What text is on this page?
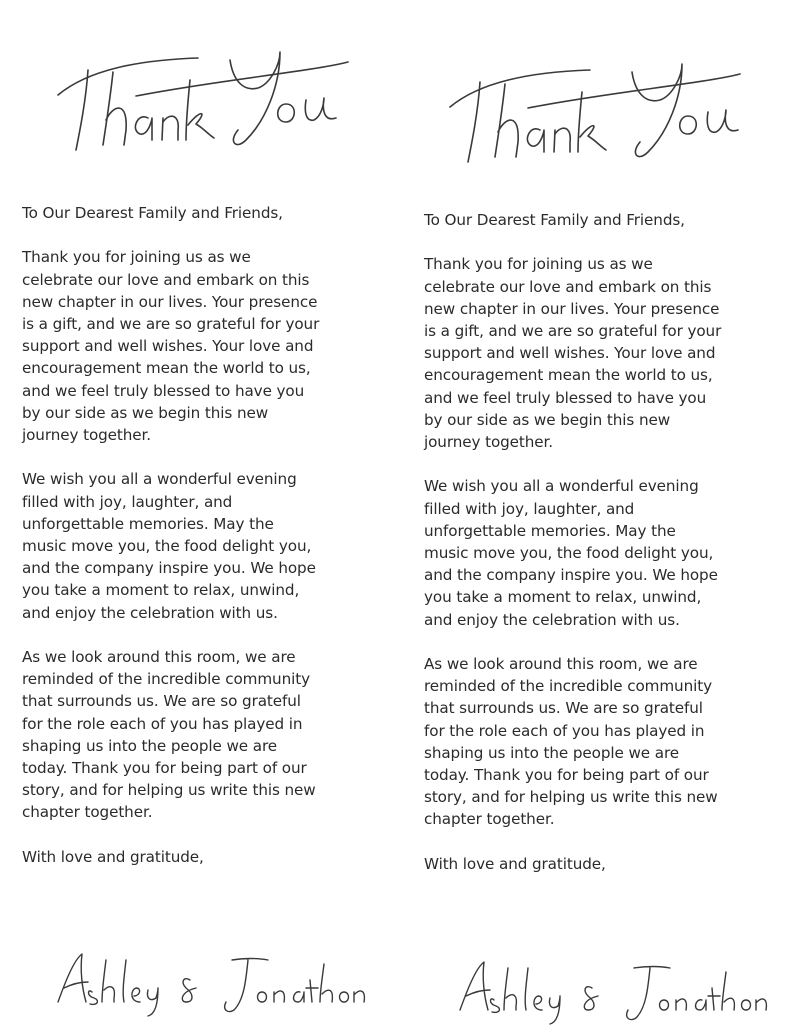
To Our Dearest Family and Friends,

Thank you for joining us as we
celebrate our love and embark on this
new chapter in our lives. Your presence
is a gift, and we are so grateful for your
support and well wishes. Your love and
encouragement mean the world to us,
and we feel truly blessed to have you
by our side as we begin this new
journey together.

We wish you all a wonderful evening
filled with joy, laughter, and
unforgettable memories. May the
music move you, the food delight you,
and the company inspire you. We hope
you take a moment to relax, unwind,
and enjoy the celebration with us.

As we look around this room, we are
reminded of the incredible community
that surrounds us. We are so grateful
for the role each of you has played in
shaping us into the people we are
today. Thank you for being part of our
story, and for helping us write this new
chapter together.

With love and gratitude,

To Our Dearest Family and Friends,

Thank you for joining us as we
celebrate our love and embark on this
new chapter in our lives. Your presence
is a gift, and we are so grateful for your
support and well wishes. Your love and
encouragement mean the world to us,
and we feel truly blessed to have you
by our side as we begin this new
journey together.

We wish you all a wonderful evening
filled with joy, laughter, and
unforgettable memories. May the
music move you, the food delight you,
and the company inspire you. We hope
you take a moment to relax, unwind,
and enjoy the celebration with us.

As we look around this room, we are
reminded of the incredible community
that surrounds us. We are so grateful
for the role each of you has played in
shaping us into the people we are
today. Thank you for being part of our
story, and for helping us write this new
chapter together.

With love and gratitude,
